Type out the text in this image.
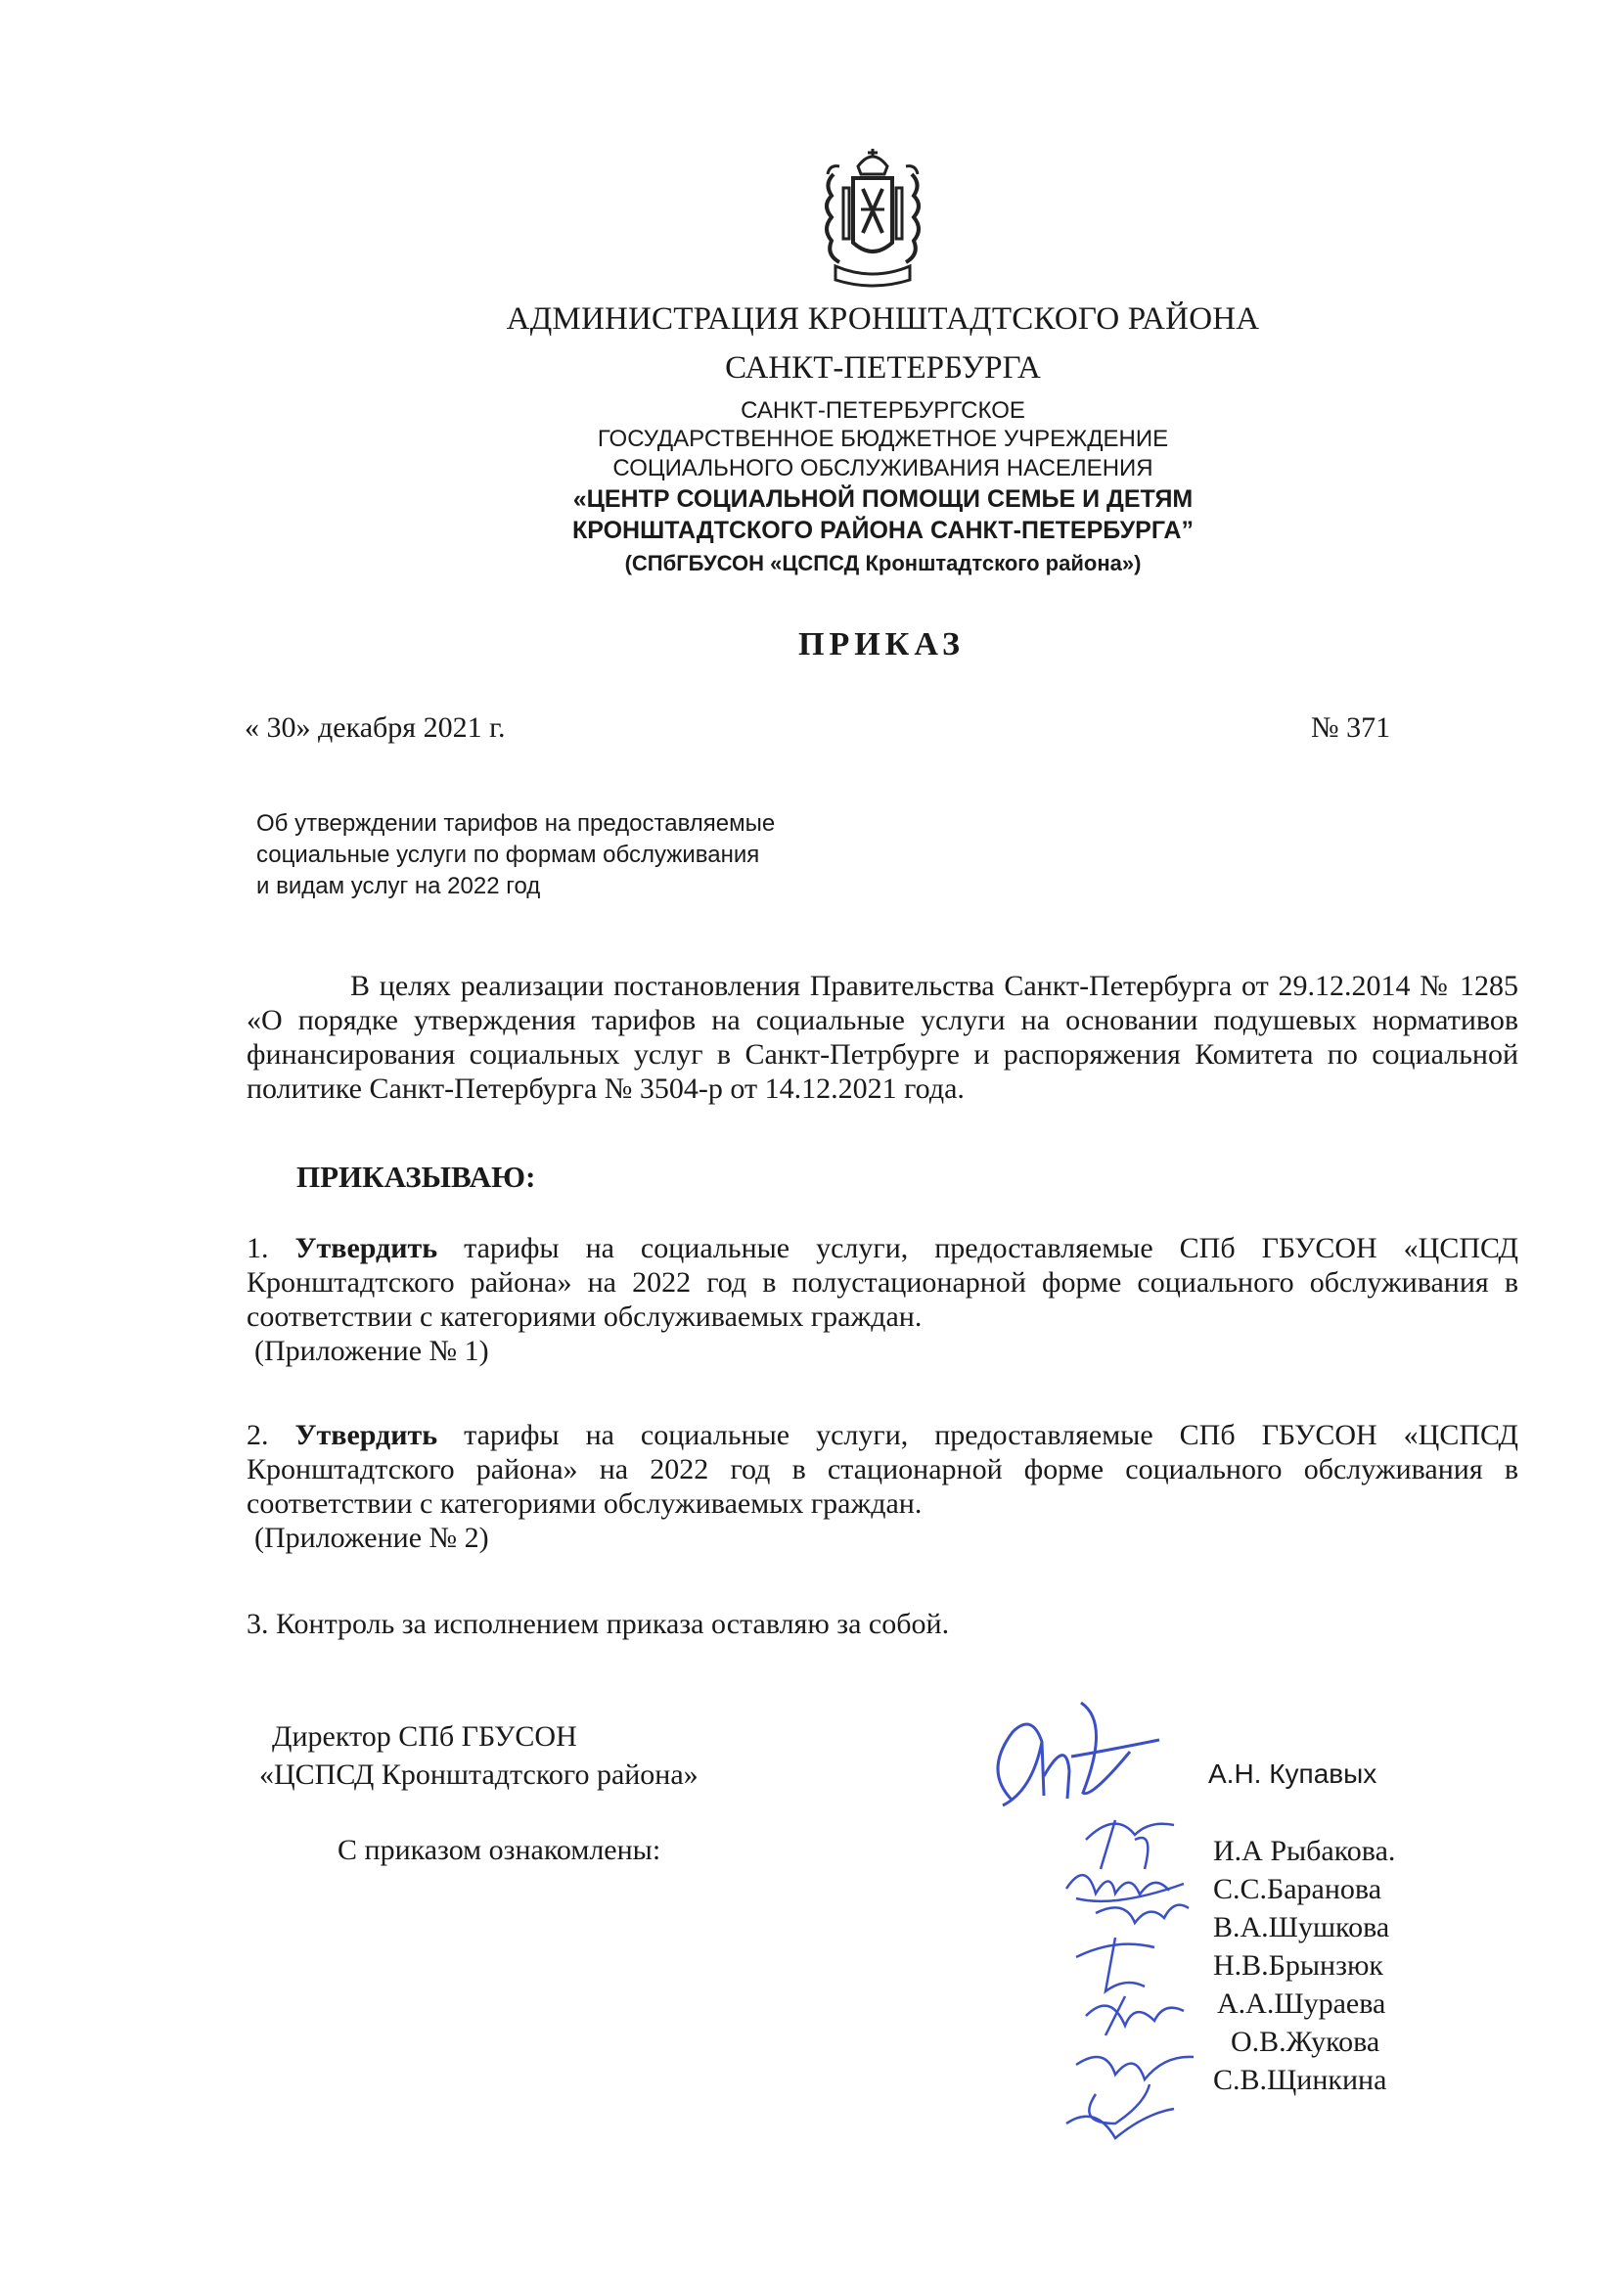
АДМИНИСТРАЦИЯ КРОНШТАДТСКОГО РАЙОНА
САНКТ-ПЕТЕРБУРГА
САНКТ-ПЕТЕРБУРГСКОЕ
ГОСУДАРСТВЕННОЕ БЮДЖЕТНОЕ УЧРЕЖДЕНИЕ
СОЦИАЛЬНОГО ОБСЛУЖИВАНИЯ НАСЕЛЕНИЯ
«ЦЕНТР СОЦИАЛЬНОЙ ПОМОЩИ СЕМЬЕ И ДЕТЯМ
КРОНШТАДТСКОГО РАЙОНА САНКТ-ПЕТЕРБУРГА”
(СПбГБУСОН «ЦСПСД Кронштадтского района»)
ПРИКАЗ
« 30» декабря 2021 г.	№ 371
Об утверждении тарифов на предоставляемые
социальные услуги по формам обслуживания
и видам услуг на 2022 год
В целях реализации постановления Правительства Санкт-Петербурга от 29.12.2014 № 1285 «О порядке утверждения тарифов на социальные услуги на основании подушевых нормативов финансирования социальных услуг в Санкт-Петрбурге и распоряжения Комитета по социальной политике Санкт-Петербурга № 3504-р от 14.12.2021 года.
ПРИКАЗЫВАЮ:
1. Утвердить тарифы на социальные услуги, предоставляемые СПб ГБУСОН «ЦСПСД Кронштадтского района» на 2022 год в полустационарной форме социального обслуживания в соответствии с категориями обслуживаемых граждан.
(Приложение № 1)
2. Утвердить тарифы на социальные услуги, предоставляемые СПб ГБУСОН «ЦСПСД Кронштадтского района» на 2022 год в стационарной форме социального обслуживания в соответствии с категориями обслуживаемых граждан.
(Приложение № 2)
3. Контроль за исполнением приказа оставляю за собой.
Директор СПб ГБУСОН
«ЦСПСД Кронштадтского района»	А.Н. Купавых
С приказом ознакомлены:	И.А Рыбакова.
С.С.Баранова
В.А.Шушкова
Н.В.Брынзюк
А.А.Шураева
О.В.Жукова
С.В.Щинкина
